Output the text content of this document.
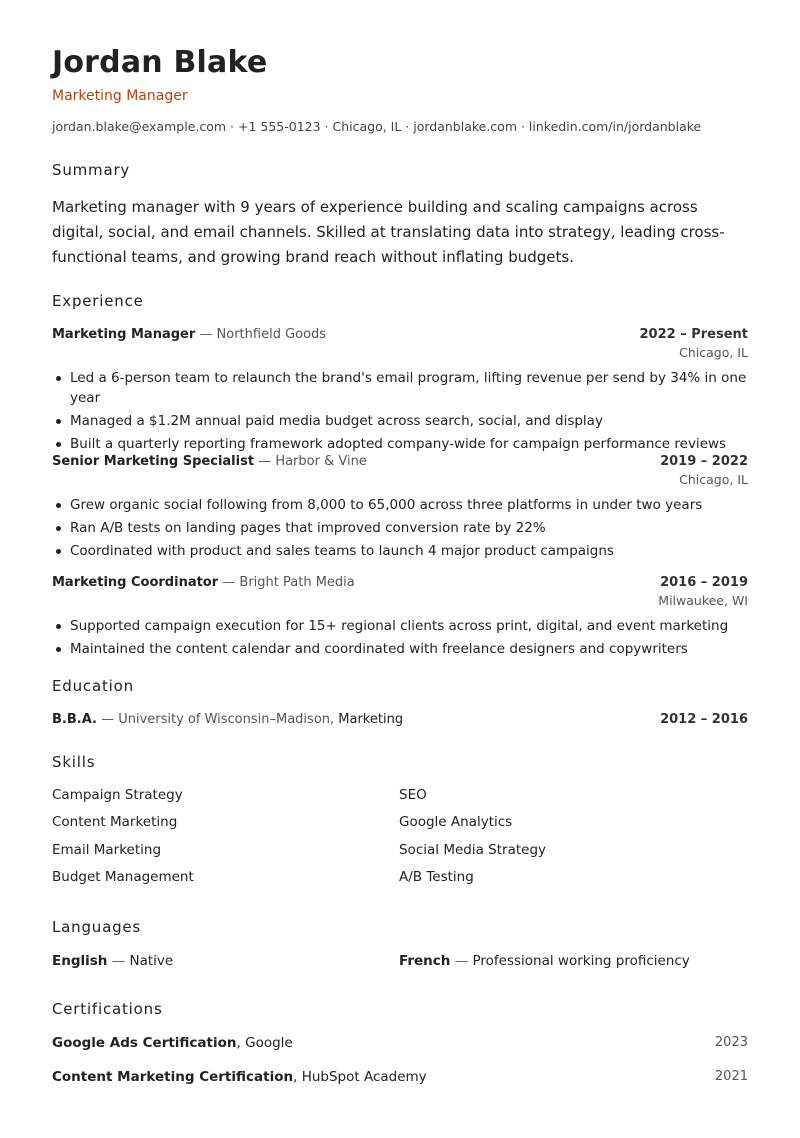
Jordan Blake
Marketing Manager
jordan.blake@example.com · +1 555-0123 · Chicago, IL · jordanblake.com · linkedin.com/in/jordanblake
Summary
Marketing manager with 9 years of experience building and scaling campaigns across digital, social, and email channels. Skilled at translating data into strategy, leading cross-functional teams, and growing brand reach without inflating budgets.
Experience
Marketing Manager — Northfield Goods	2022 – Present
Chicago, IL
Led a 6-person team to relaunch the brand's email program, lifting revenue per send by 34% in one year
Managed a $1.2M annual paid media budget across search, social, and display
Built a quarterly reporting framework adopted company-wide for campaign performance reviews
Senior Marketing Specialist — Harbor & Vine	2019 – 2022
Chicago, IL
Grew organic social following from 8,000 to 65,000 across three platforms in under two years
Ran A/B tests on landing pages that improved conversion rate by 22%
Coordinated with product and sales teams to launch 4 major product campaigns
Marketing Coordinator — Bright Path Media	2016 – 2019
Milwaukee, WI
Supported campaign execution for 15+ regional clients across print, digital, and event marketing
Maintained the content calendar and coordinated with freelance designers and copywriters
Education
B.B.A. — University of Wisconsin–Madison, Marketing	2012 – 2016
Skills
Campaign Strategy	SEO
Content Marketing	Google Analytics
Email Marketing	Social Media Strategy
Budget Management	A/B Testing
Languages
English — Native	French — Professional working proficiency
Certifications
Google Ads Certification, Google	2023
Content Marketing Certification, HubSpot Academy	2021
